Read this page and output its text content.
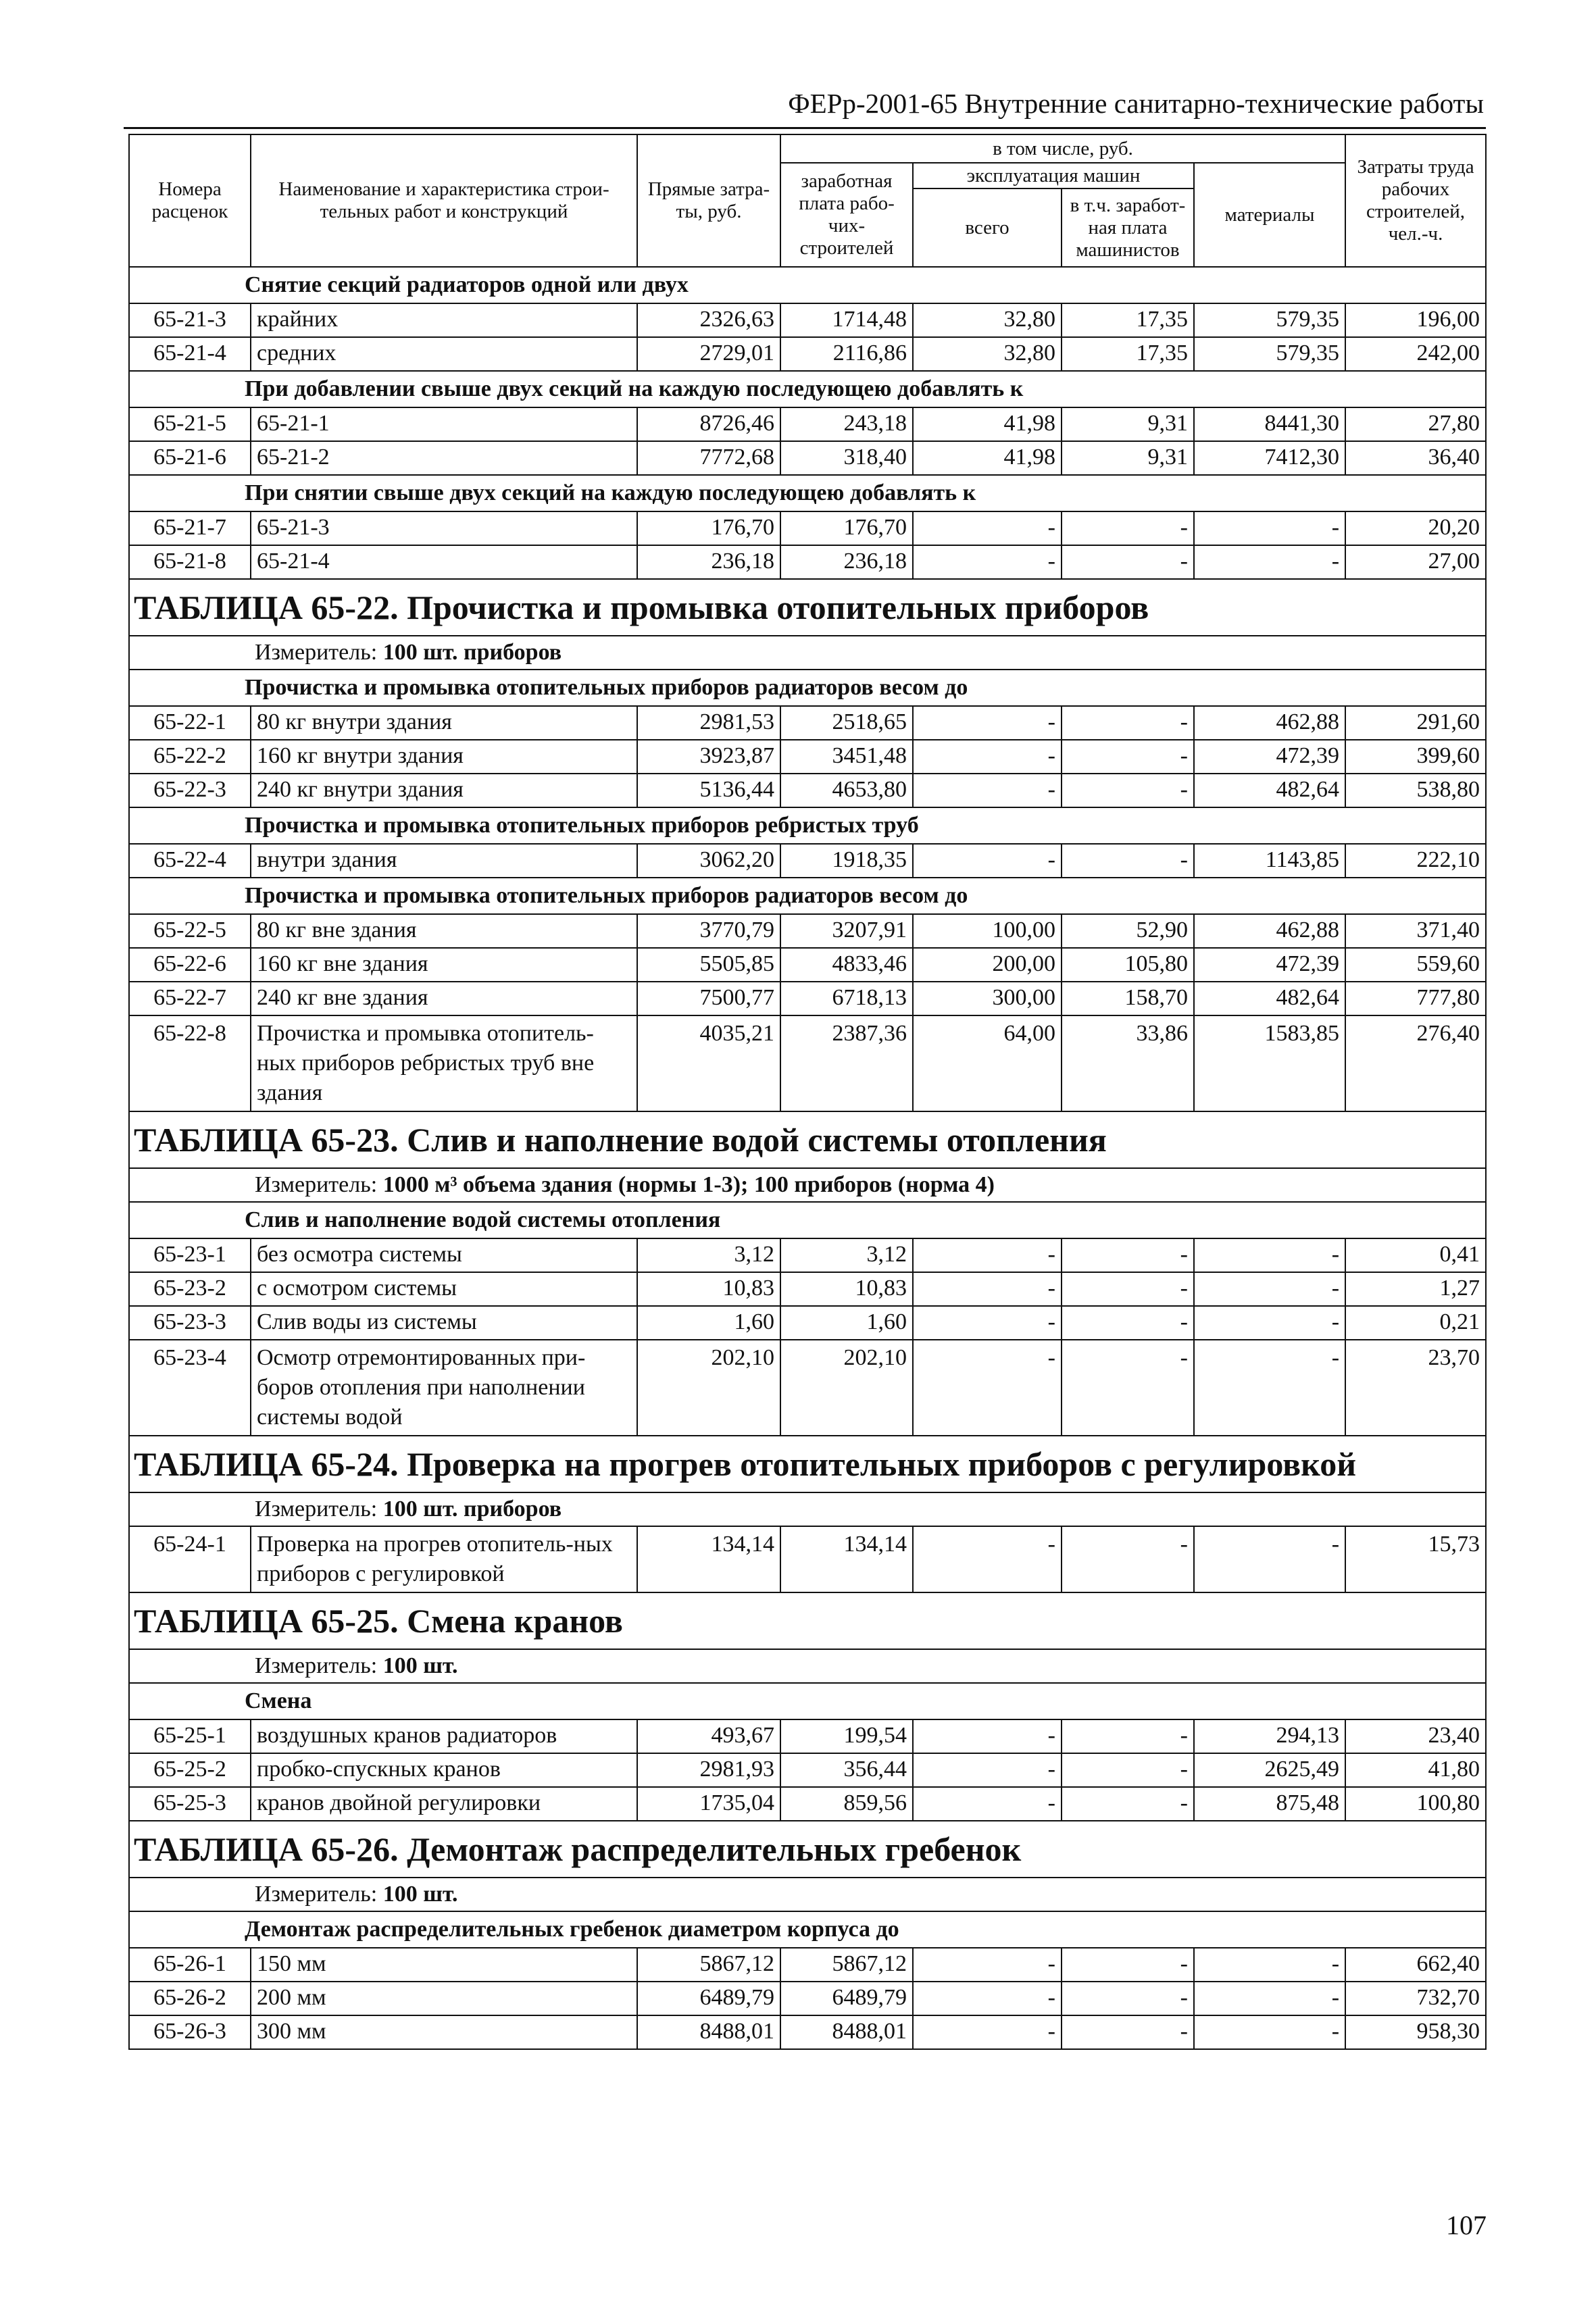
ФЕРр-2001-65 Внутренние санитарно-технические работы
Номера расценок	Наименование и характеристика строи-тельных работ и конструкций	Прямые затра-ты, руб.	в том числе, руб.				Затраты труда рабочих строителей, чел.-ч.
			заработная плата рабо-чих-строителей	эксплуатация машин		материалы	
				всего	в т.ч. заработ-ная плата машинистов		

Снятие секций радиаторов одной или двух							
65-21-3	крайних	2326,63	1714,48	32,80	17,35	579,35	196,00
65-21-4	средних	2729,01	2116,86	32,80	17,35	579,35	242,00
При добавлении свыше двух секций на каждую последующею добавлять к							
65-21-5	65-21-1	8726,46	243,18	41,98	9,31	8441,30	27,80
65-21-6	65-21-2	7772,68	318,40	41,98	9,31	7412,30	36,40
При снятии свыше двух секций на каждую последующею добавлять к							
65-21-7	65-21-3	176,70	176,70	-	-	-	20,20
65-21-8	65-21-4	236,18	236,18	-	-	-	27,00
ТАБЛИЦА 65-22. Прочистка и промывка отопительных приборов							
Измеритель: 100 шт. приборов							
Прочистка и промывка отопительных приборов радиаторов весом до							
65-22-1	80 кг внутри здания	2981,53	2518,65	-	-	462,88	291,60
65-22-2	160 кг внутри здания	3923,87	3451,48	-	-	472,39	399,60
65-22-3	240 кг внутри здания	5136,44	4653,80	-	-	482,64	538,80
Прочистка и промывка отопительных приборов ребристых труб							
65-22-4	внутри здания	3062,20	1918,35	-	-	1143,85	222,10
Прочистка и промывка отопительных приборов радиаторов весом до							
65-22-5	80 кг вне здания	3770,79	3207,91	100,00	52,90	462,88	371,40
65-22-6	160 кг вне здания	5505,85	4833,46	200,00	105,80	472,39	559,60
65-22-7	240 кг вне здания	7500,77	6718,13	300,00	158,70	482,64	777,80
65-22-8	Прочистка и промывка отопитель-ных приборов ребристых труб вне здания	4035,21	2387,36	64,00	33,86	1583,85	276,40
ТАБЛИЦА 65-23. Слив и наполнение водой системы отопления							
Измеритель: 1000 м³ объема здания (нормы 1-3); 100 приборов (норма 4)							
Слив и наполнение водой системы отопления							
65-23-1	без осмотра системы	3,12	3,12	-	-	-	0,41
65-23-2	с осмотром системы	10,83	10,83	-	-	-	1,27
65-23-3	Слив воды из системы	1,60	1,60	-	-	-	0,21
65-23-4	Осмотр отремонтированных при-боров отопления при наполнении системы водой	202,10	202,10	-	-	-	23,70
ТАБЛИЦА 65-24. Проверка на прогрев отопительных приборов с регулировкой							
Измеритель: 100 шт. приборов							
65-24-1	Проверка на прогрев отопитель-ных приборов с регулировкой	134,14	134,14	-	-	-	15,73
ТАБЛИЦА 65-25. Смена кранов							
Измеритель: 100 шт.							
Смена							
65-25-1	воздушных кранов радиаторов	493,67	199,54	-	-	294,13	23,40
65-25-2	пробко-спускных кранов	2981,93	356,44	-	-	2625,49	41,80
65-25-3	кранов двойной регулировки	1735,04	859,56	-	-	875,48	100,80
ТАБЛИЦА 65-26. Демонтаж распределительных гребенок							
Измеритель: 100 шт.							
Демонтаж распределительных гребенок диаметром корпуса до							
65-26-1	150 мм	5867,12	5867,12	-	-	-	662,40
65-26-2	200 мм	6489,79	6489,79	-	-	-	732,70
65-26-3	300 мм	8488,01	8488,01	-	-	-	958,30
107
